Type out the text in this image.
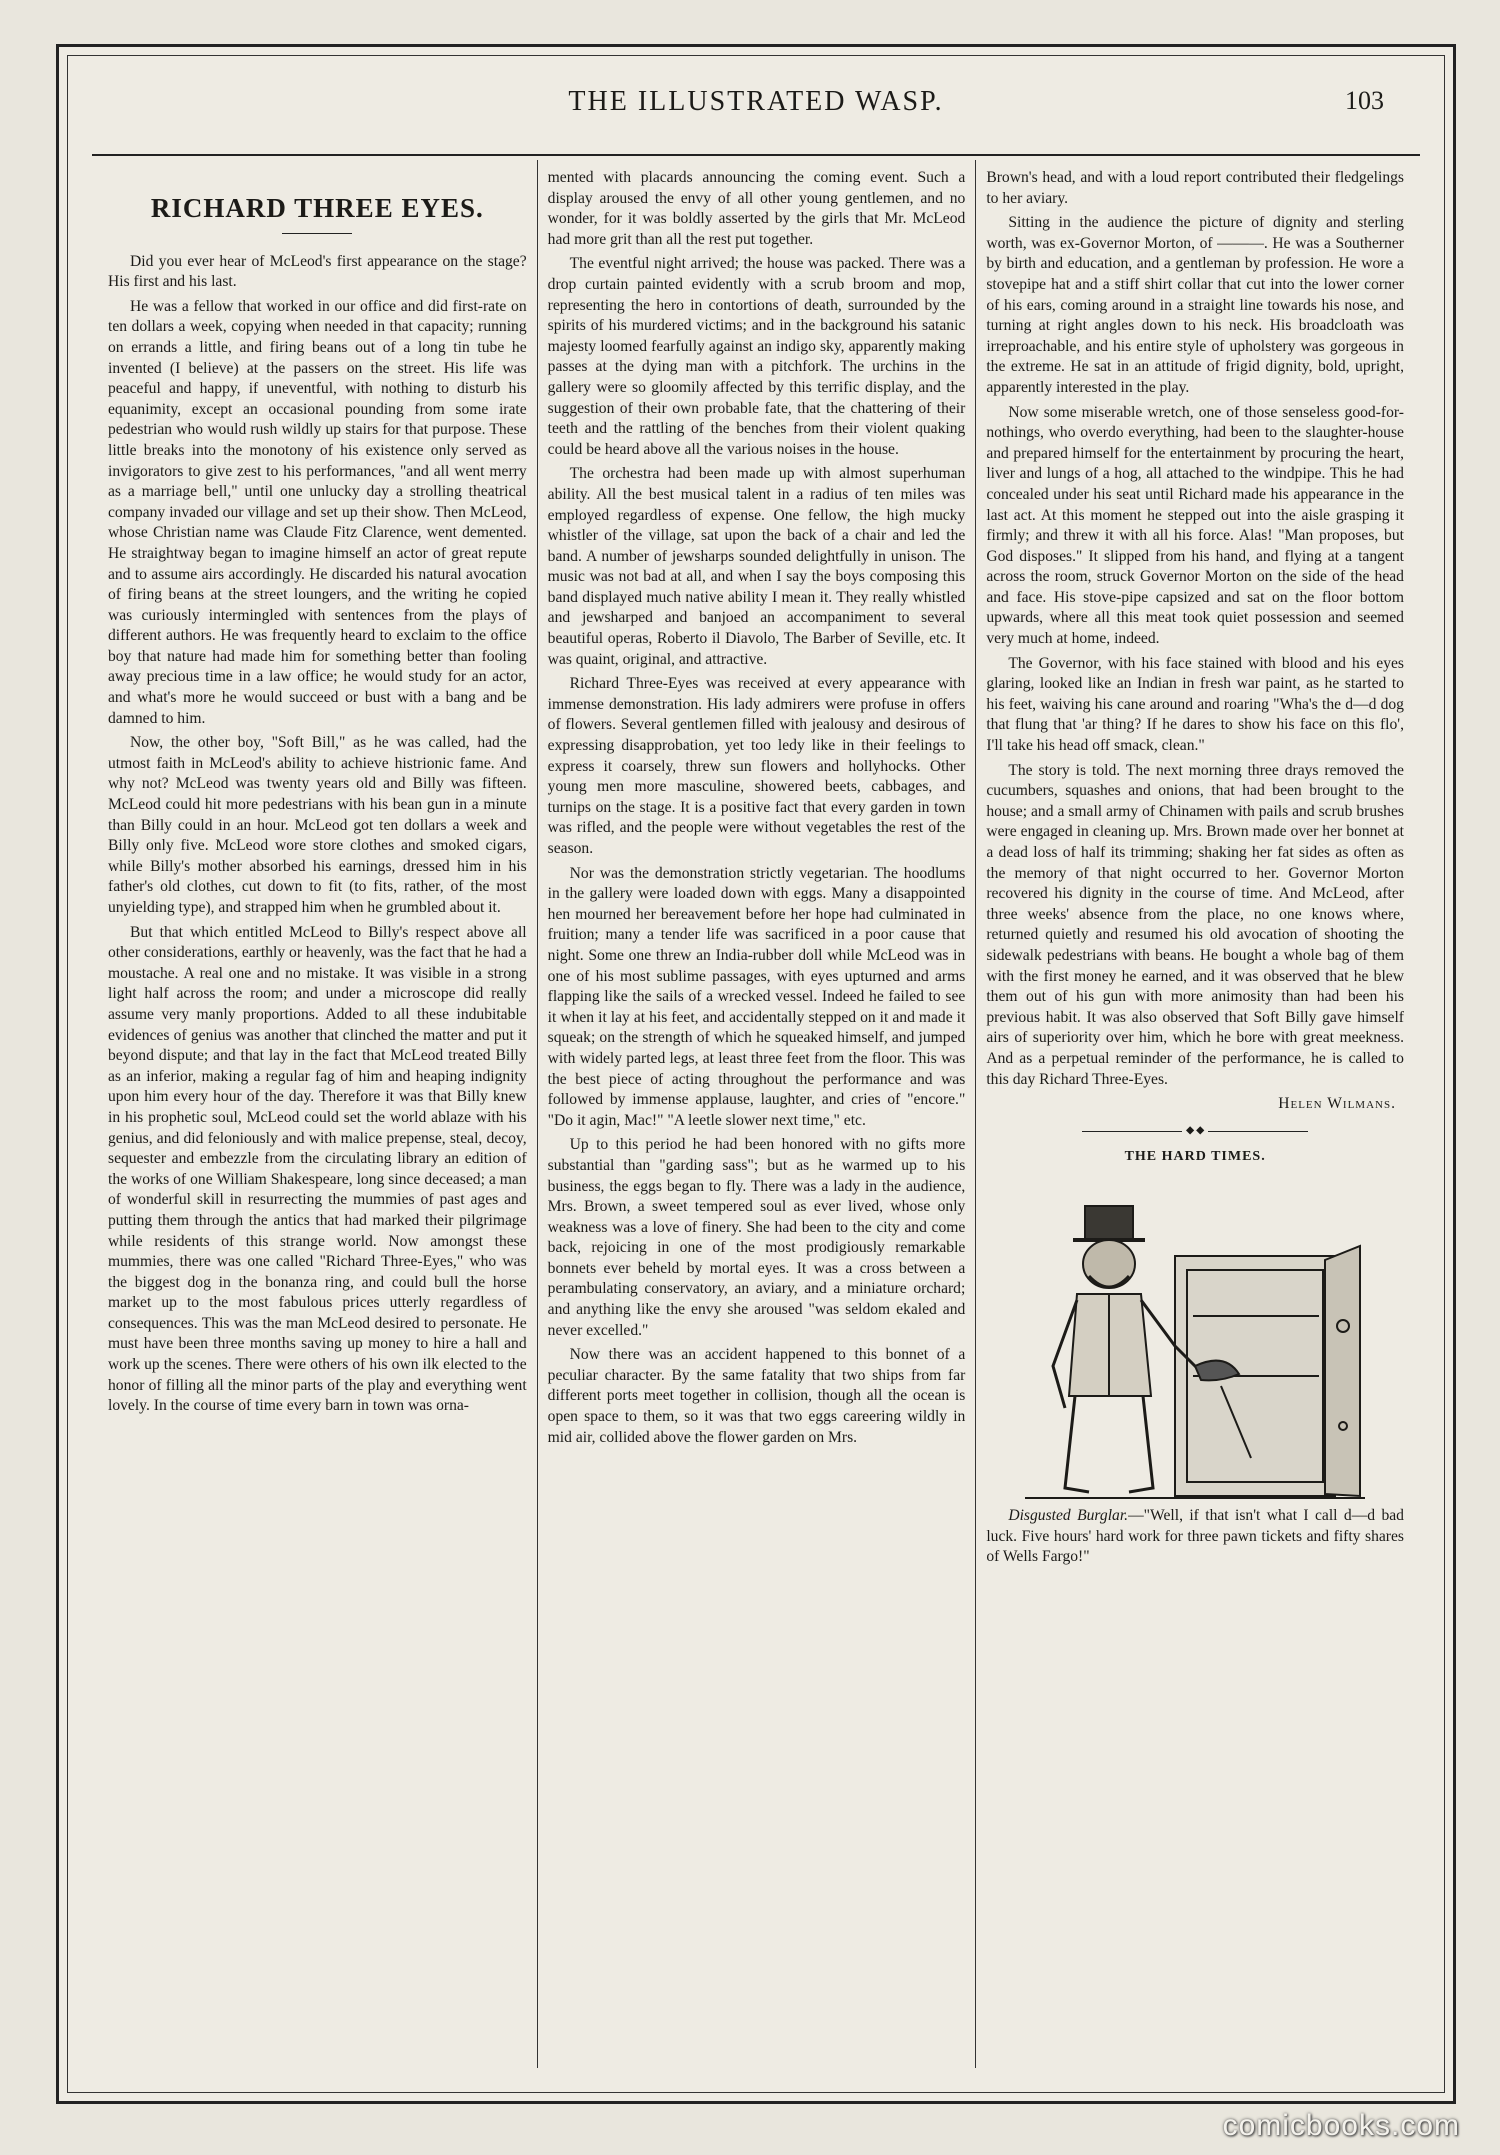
THE ILLUSTRATED WASP.	103
RICHARD THREE EYES.

Did you ever hear of McLeod's first appearance on the stage? His first and his last.

He was a fellow that worked in our office and did first-rate on ten dollars a week, copying when needed in that capacity; running on errands a little, and firing beans out of a long tin tube he invented (I believe) at the passers on the street. His life was peaceful and happy, if uneventful, with nothing to disturb his equanimity, except an occasional pounding from some irate pedestrian who would rush wildly up stairs for that purpose. These little breaks into the monotony of his existence only served as invigorators to give zest to his performances, "and all went merry as a marriage bell," until one unlucky day a strolling theatrical company invaded our village and set up their show. Then McLeod, whose Christian name was Claude Fitz Clarence, went demented. He straightway began to imagine himself an actor of great repute and to assume airs accordingly. He discarded his natural avocation of firing beans at the street loungers, and the writing he copied was curiously intermingled with sentences from the plays of different authors. He was frequently heard to exclaim to the office boy that nature had made him for something better than fooling away precious time in a law office; he would study for an actor, and what's more he would succeed or bust with a bang and be damned to him.

Now, the other boy, "Soft Bill," as he was called, had the utmost faith in McLeod's ability to achieve histrionic fame. And why not? McLeod was twenty years old and Billy was fifteen. McLeod could hit more pedestrians with his bean gun in a minute than Billy could in an hour. McLeod got ten dollars a week and Billy only five. McLeod wore store clothes and smoked cigars, while Billy's mother absorbed his earnings, dressed him in his father's old clothes, cut down to fit (to fits, rather, of the most unyielding type), and strapped him when he grumbled about it.

But that which entitled McLeod to Billy's respect above all other considerations, earthly or heavenly, was the fact that he had a moustache. A real one and no mistake. It was visible in a strong light half across the room; and under a microscope did really assume very manly proportions. Added to all these indubitable evidences of genius was another that clinched the matter and put it beyond dispute; and that lay in the fact that McLeod treated Billy as an inferior, making a regular fag of him and heaping indignity upon him every hour of the day. Therefore it was that Billy knew in his prophetic soul, McLeod could set the world ablaze with his genius, and did feloniously and with malice prepense, steal, decoy, sequester and embezzle from the circulating library an edition of the works of one William Shakespeare, long since deceased; a man of wonderful skill in resurrecting the mummies of past ages and putting them through the antics that had marked their pilgrimage while residents of this strange world. Now amongst these mummies, there was one called "Richard Three-Eyes," who was the biggest dog in the bonanza ring, and could bull the horse market up to the most fabulous prices utterly regardless of consequences. This was the man McLeod desired to personate. He must have been three months saving up money to hire a hall and work up the scenes. There were others of his own ilk elected to the honor of filling all the minor parts of the play and everything went lovely. In the course of time every barn in town was orna-

mented with placards announcing the coming event. Such a display aroused the envy of all other young gentlemen, and no wonder, for it was boldly asserted by the girls that Mr. McLeod had more grit than all the rest put together.

The eventful night arrived; the house was packed. There was a drop curtain painted evidently with a scrub broom and mop, representing the hero in contortions of death, surrounded by the spirits of his murdered victims; and in the background his satanic majesty loomed fearfully against an indigo sky, apparently making passes at the dying man with a pitchfork. The urchins in the gallery were so gloomily affected by this terrific display, and the suggestion of their own probable fate, that the chattering of their teeth and the rattling of the benches from their violent quaking could be heard above all the various noises in the house.

The orchestra had been made up with almost superhuman ability. All the best musical talent in a radius of ten miles was employed regardless of expense. One fellow, the high mucky whistler of the village, sat upon the back of a chair and led the band. A number of jewsharps sounded delightfully in unison. The music was not bad at all, and when I say the boys composing this band displayed much native ability I mean it. They really whistled and jewsharped and banjoed an accompaniment to several beautiful operas, Roberto il Diavolo, The Barber of Seville, etc. It was quaint, original, and attractive.

Richard Three-Eyes was received at every appearance with immense demonstration. His lady admirers were profuse in offers of flowers. Several gentlemen filled with jealousy and desirous of expressing disapprobation, yet too ledy like in their feelings to express it coarsely, threw sun flowers and hollyhocks. Other young men more masculine, showered beets, cabbages, and turnips on the stage. It is a positive fact that every garden in town was rifled, and the people were without vegetables the rest of the season.

Nor was the demonstration strictly vegetarian. The hoodlums in the gallery were loaded down with eggs. Many a disappointed hen mourned her bereavement before her hope had culminated in fruition; many a tender life was sacrificed in a poor cause that night. Some one threw an India-rubber doll while McLeod was in one of his most sublime passages, with eyes upturned and arms flapping like the sails of a wrecked vessel. Indeed he failed to see it when it lay at his feet, and accidentally stepped on it and made it squeak; on the strength of which he squeaked himself, and jumped with widely parted legs, at least three feet from the floor. This was the best piece of acting throughout the performance and was followed by immense applause, laughter, and cries of "encore." "Do it agin, Mac!" "A leetle slower next time," etc.

Up to this period he had been honored with no gifts more substantial than "garding sass"; but as he warmed up to his business, the eggs began to fly. There was a lady in the audience, Mrs. Brown, a sweet tempered soul as ever lived, whose only weakness was a love of finery. She had been to the city and come back, rejoicing in one of the most prodigiously remarkable bonnets ever beheld by mortal eyes. It was a cross between a perambulating conservatory, an aviary, and a miniature orchard; and anything like the envy she aroused "was seldom ekaled and never excelled."

Now there was an accident happened to this bonnet of a peculiar character. By the same fatality that two ships from far different ports meet together in collision, though all the ocean is open space to them, so it was that two eggs careering wildly in mid air, collided above the flower garden on Mrs.

Brown's head, and with a loud report contributed their fledgelings to her aviary.

Sitting in the audience the picture of dignity and sterling worth, was ex-Governor Morton, of ———. He was a Southerner by birth and education, and a gentleman by profession. He wore a stovepipe hat and a stiff shirt collar that cut into the lower corner of his ears, coming around in a straight line towards his nose, and turning at right angles down to his neck. His broadcloath was irreproachable, and his entire style of upholstery was gorgeous in the extreme. He sat in an attitude of frigid dignity, bold, upright, apparently interested in the play.

Now some miserable wretch, one of those senseless good-for-nothings, who overdo everything, had been to the slaughter-house and prepared himself for the entertainment by procuring the heart, liver and lungs of a hog, all attached to the windpipe. This he had concealed under his seat until Richard made his appearance in the last act. At this moment he stepped out into the aisle grasping it firmly; and threw it with all his force. Alas! "Man proposes, but God disposes." It slipped from his hand, and flying at a tangent across the room, struck Governor Morton on the side of the head and face. His stove-pipe capsized and sat on the floor bottom upwards, where all this meat took quiet possession and seemed very much at home, indeed.

The Governor, with his face stained with blood and his eyes glaring, looked like an Indian in fresh war paint, as he started to his feet, waiving his cane around and roaring "Wha's the d—d dog that flung that 'ar thing? If he dares to show his face on this flo', I'll take his head off smack, clean."

The story is told. The next morning three drays removed the cucumbers, squashes and onions, that had been brought to the house; and a small army of Chinamen with pails and scrub brushes were engaged in cleaning up. Mrs. Brown made over her bonnet at a dead loss of half its trimming; shaking her fat sides as often as the memory of that night occurred to her. Governor Morton recovered his dignity in the course of time. And McLeod, after three weeks' absence from the place, no one knows where, returned quietly and resumed his old avocation of shooting the sidewalk pedestrians with beans. He bought a whole bag of them with the first money he earned, and it was observed that he blew them out of his gun with more animosity than had been his previous habit. It was also observed that Soft Billy gave himself airs of superiority over him, which he bore with great meekness. And as a perpetual reminder of the performance, he is called to this day Richard Three-Eyes.

Helen Wilmans.
◆ ◆
THE HARD TIMES.

Disgusted Burglar.—"Well, if that isn't what I call d—d bad luck. Five hours' hard work for three pawn tickets and fifty shares of Wells Fargo!"

comicbooks.com
